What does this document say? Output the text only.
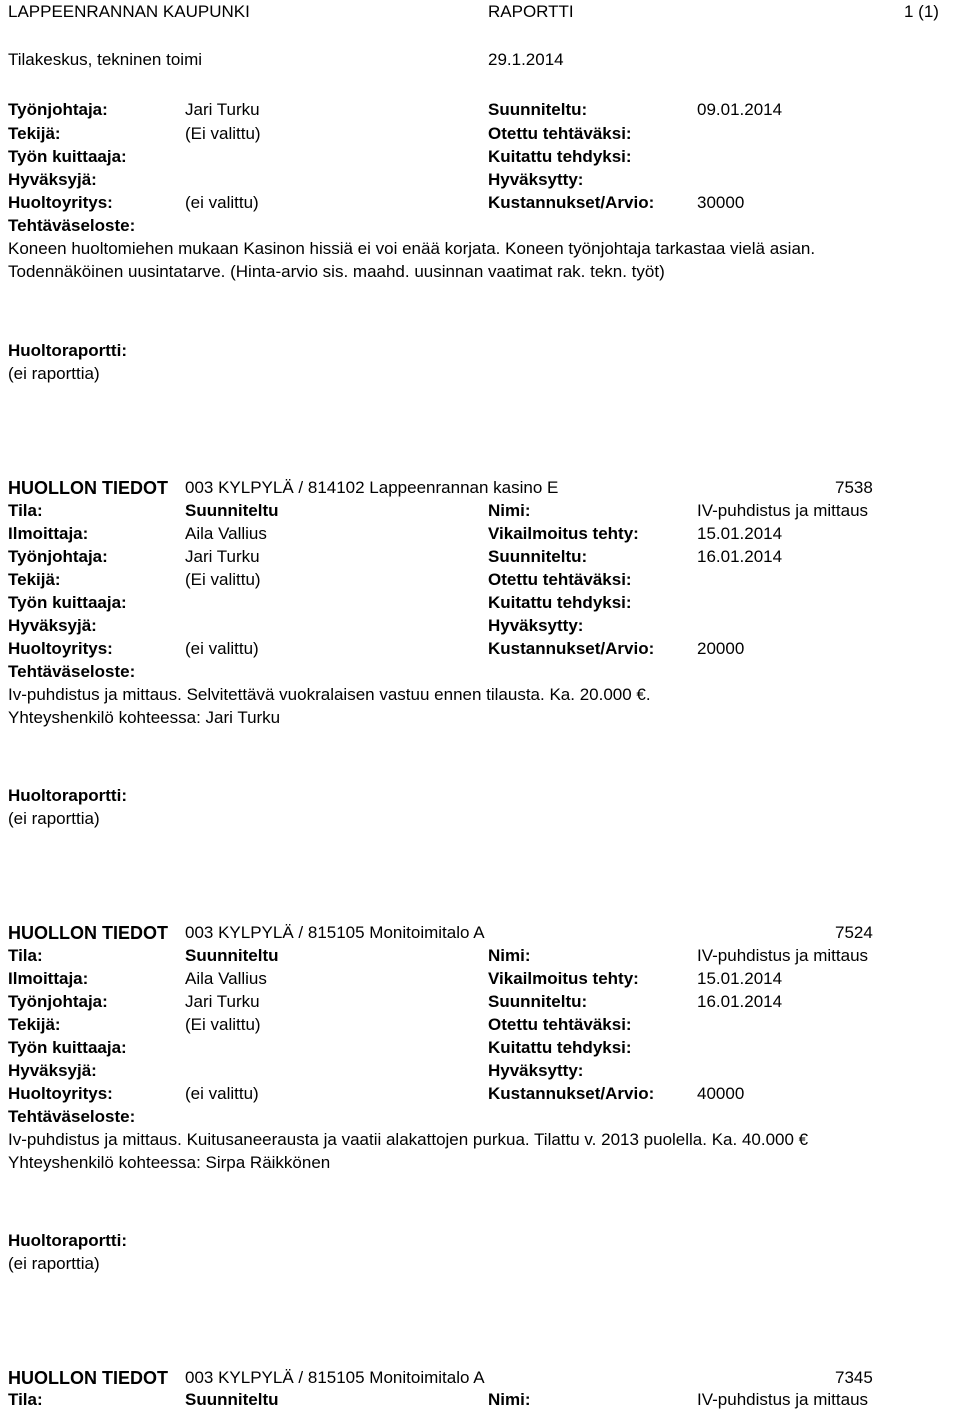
LAPPEENRANNAN KAUPUNKI	RAPORTTI	1 (1)
Tilakeskus, tekninen toimi	29.1.2014
Työnjohtaja:	Jari Turku	Suunniteltu:	09.01.2014
Tekijä:	(Ei valittu)	Otettu tehtäväksi:
Työn kuittaaja:	Kuitattu tehdyksi:
Hyväksyjä:	Hyväksytty:
Huoltoyritys:	(ei valittu)	Kustannukset/Arvio:	30000
Tehtäväseloste:
Koneen huoltomiehen mukaan Kasinon hissiä ei voi enää korjata. Koneen työnjohtaja tarkastaa vielä asian.
Todennäköinen uusintatarve. (Hinta-arvio sis. maahd. uusinnan vaatimat rak. tekn. työt)
Huoltoraportti:
(ei raporttia)
HUOLLON TIEDOT 003 KYLPYLÄ / 814102 Lappeenrannan kasino E	7538
Tila:	Suunniteltu	Nimi:	IV-puhdistus ja mittaus
Ilmoittaja:	Aila Vallius	Vikailmoitus tehty:	15.01.2014
Työnjohtaja:	Jari Turku	Suunniteltu:	16.01.2014
Tekijä:	(Ei valittu)	Otettu tehtäväksi:
Työn kuittaaja:	Kuitattu tehdyksi:
Hyväksyjä:	Hyväksytty:
Huoltoyritys:	(ei valittu)	Kustannukset/Arvio:	20000
Tehtäväseloste:
Iv-puhdistus ja mittaus. Selvitettävä vuokralaisen vastuu ennen tilausta. Ka. 20.000 €.
Yhteyshenkilö kohteessa: Jari Turku
Huoltoraportti:
(ei raporttia)
HUOLLON TIEDOT 003 KYLPYLÄ / 815105 Monitoimitalo A	7524
Tila:	Suunniteltu	Nimi:	IV-puhdistus ja mittaus
Ilmoittaja:	Aila Vallius	Vikailmoitus tehty:	15.01.2014
Työnjohtaja:	Jari Turku	Suunniteltu:	16.01.2014
Tekijä:	(Ei valittu)	Otettu tehtäväksi:
Työn kuittaaja:	Kuitattu tehdyksi:
Hyväksyjä:	Hyväksytty:
Huoltoyritys:	(ei valittu)	Kustannukset/Arvio:	40000
Tehtäväseloste:
Iv-puhdistus ja mittaus. Kuitusaneerausta ja vaatii alakattojen purkua. Tilattu v. 2013 puolella. Ka. 40.000 €
Yhteyshenkilö kohteessa: Sirpa Räikkönen
Huoltoraportti:
(ei raporttia)
HUOLLON TIEDOT 003 KYLPYLÄ / 815105 Monitoimitalo A	7345
Tila:	Suunniteltu	Nimi:	IV-puhdistus ja mittaus
